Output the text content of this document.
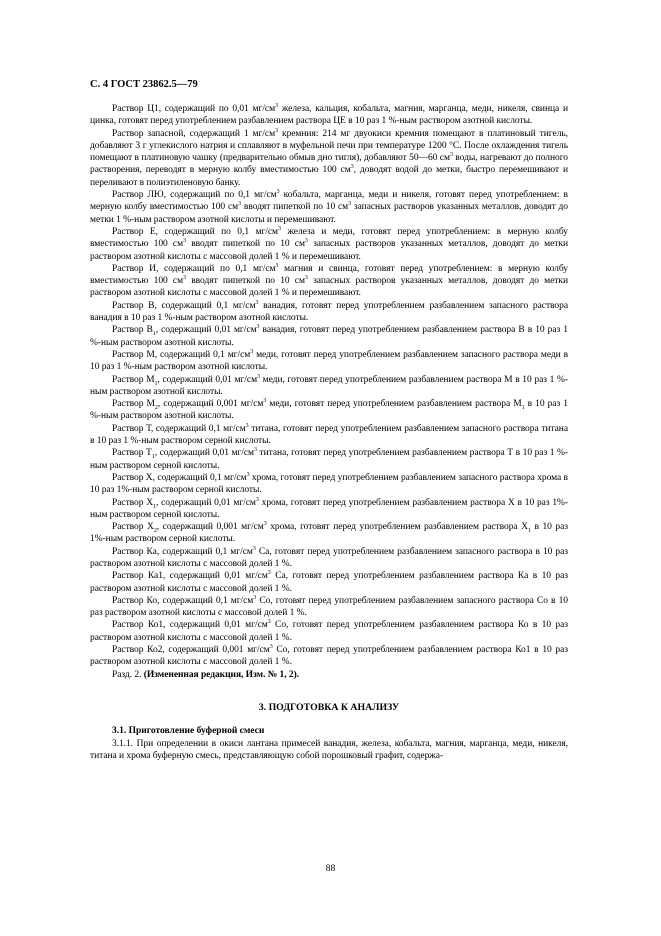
С. 4 ГОСТ 23862.5—79

Раствор Ц1, содержащий по 0,01 $мг/см^3$ железа, кальция, кобальта, магния, марганца, меди, никеля, свинца и цинка, готовят перед употреблением разбавлением раствора ЦЕ в 10 раз 1 %-ным раствором азотной кислоты.

Раствор запасной, содержащий 1 $мг/см^3$ кремния: 214 мг двуокиси кремния помещают в платиновый тигель, добавляют 3 г углекислого натрия и сплавляют в муфельной печи при температуре 1200 °С. После охлаждения тигель помещают в платиновую чашку (предварительно обмыв дно тигля), добавляют 50—60 $см^3$ воды, нагревают до полного растворения, переводят в мерную колбу вместимостью 100 $см^3$, доводят водой до метки, быстро перемешивают и переливают в полиэтиленовую банку.

Раствор ЛЮ, содержащий по 0,1 $мг/см^3$ кобальта, марганца, меди и никеля, готовят перед употреблением: в мерную колбу вместимостью 100 $см^3$ вводят пипеткой по 10 $см^3$ запасных растворов указанных металлов, доводят до метки 1 %-ным раствором азотной кислоты и перемешивают.

Раствор Е, содержащий по 0,1 $мг/см^3$ железа и меди, готовят перед употреблением: в мерную колбу вместимостью 100 $см^3$ вводят пипеткой по 10 $см^3$ запасных растворов указанных металлов, доводят до метки раствором азотной кислоты с массовой долей 1 % и перемешивают.

Раствор И, содержащий по 0,1 $мг/см^3$ магния и свинца, готовят перед употреблением: в мерную колбу вместимостью 100 $см^3$ вводят пипеткой по 10 $см^3$ запасных растворов указанных металлов, доводят до метки раствором азотной кислоты с массовой долей 1 % и перемешивают.

Раствор В, содержащий 0,1 $мг/см^3$ ванадия, готовят перед употреблением разбавлением запасного раствора ванадия в 10 раз 1 %-ным раствором азотной кислоты.

Раствор $В_1$, содержащий 0,01 $мг/см^3$ ванадия, готовят перед употреблением разбавлением раствора В в 10 раз 1 %-ным раствором азотной кислоты.

Раствор М, содержащий 0,1 $мг/см^3$ меди, готовят перед употреблением разбавлением запасного раствора меди в 10 раз 1 %-ным раствором азотной кислоты.

Раствор $М_1$, содержащий 0,01 $мг/см^3$ меди, готовят перед употреблением разбавлением раствора М в 10 раз 1 %-ным раствором азотной кислоты.

Раствор $М_2$, содержащий 0,001 $мг/см^3$ меди, готовят перед употреблением разбавлением раствора $М_1$ в 10 раз 1 %-ным раствором азотной кислоты.

Раствор Т, содержащий 0,1 $мг/см^3$ титана, готовят перед употреблением разбавлением запасного раствора титана в 10 раз 1 %-ным раствором серной кислоты.

Раствор $Т_1$, содержащий 0,01 $мг/см^3$ титана, готовят перед употреблением разбавлением раствора Т в 10 раз 1 %-ным раствором серной кислоты.

Раствор X, содержащий 0,1 $мг/см^3$ хрома, готовят перед употреблением разбавлением запасного раствора хрома в 10 раз 1%-ным раствором серной кислоты.

Раствор $X_1$, содержащий 0,01 $мг/см^3$ хрома, готовят перед употреблением разбавлением раствора X в 10 раз 1%-ным раствором серной кислоты.

Раствор $X_2$, содержащий 0,001 $мг/см^3$ хрома, готовят перед употреблением разбавлением раствора $X_1$ в 10 раз 1%-ным раствором серной кислоты.

Раствор Ка, содержащий 0,1 $мг/см^3$ Са, готовят перед употреблением разбавлением запасного раствора в 10 раз раствором азотной кислоты с массовой долей 1 %.

Раствор Ка1, содержащий 0,01 $мг/см^3$ Са, готовят перед употреблением разбавлением раствора Ка в 10 раз раствором азотной кислоты с массовой долей 1 %.

Раствор Ко, содержащий 0,1 $мг/см^3$ Со, готовят перед употреблением разбавлением запасного раствора Со в 10 раз раствором азотной кислоты с массовой долей 1 %.

Раствор Ко1, содержащий 0,01 $мг/см^3$ Со, готовят перед употреблением разбавлением раствора Ко в 10 раз раствором азотной кислоты с массовой долей 1 %.

Раствор Ко2, содержащий 0,001 $мг/см^3$ Со, готовят перед употреблением разбавлением раствора Ко1 в 10 раз раствором азотной кислоты с массовой долей 1 %.

Разд. 2. (Измененная редакция, Изм. № 1, 2).

3. ПОДГОТОВКА К АНАЛИЗУ
3.1. Приготовление буферной смеси

3.1.1. При определении в окиси лантана примесей ванадия, железа, кобальта, магния, марганца, меди, никеля, титана и хрома буферную смесь, представляющую собой порошковый графит, содержа-

88
